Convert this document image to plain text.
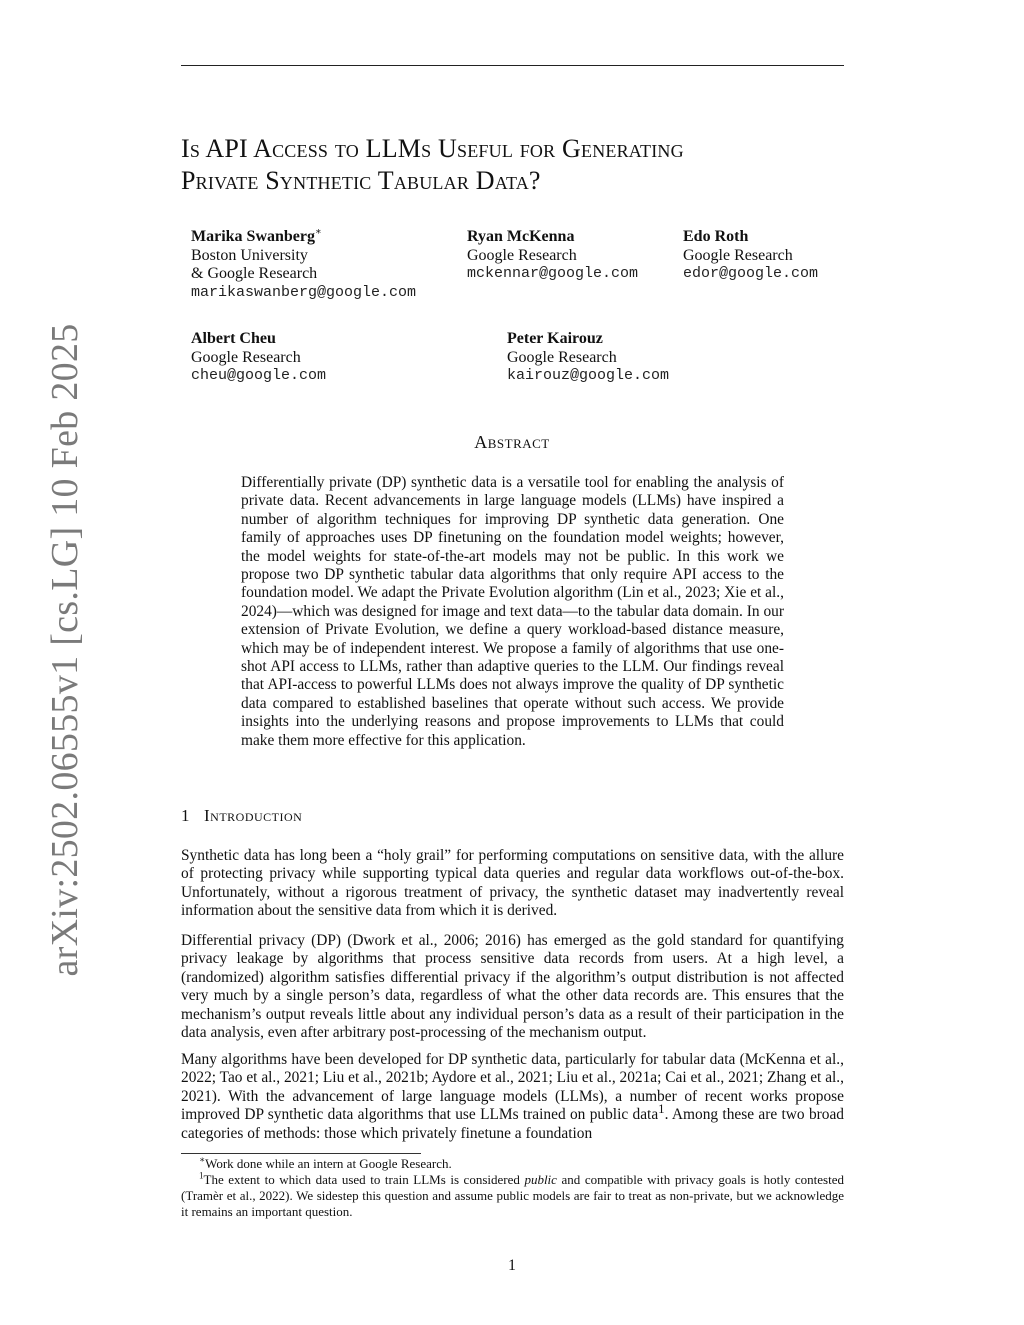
arXiv:2502.06555v1 [cs.LG] 10 Feb 2025
Is API Access to LLMs Useful for Generating
Private Synthetic Tabular Data?
Marika Swanberg∗
Boston University
& Google Research
marikaswanberg@google.com
Ryan McKenna
Google Research
mckennar@google.com
Edo Roth
Google Research
edor@google.com
Albert Cheu
Google Research
cheu@google.com
Peter Kairouz
Google Research
kairouz@google.com
Abstract

Differentially private (DP) synthetic data is a versatile tool for enabling the analysis of private data. Recent advancements in large language models (LLMs) have inspired a number of algorithm techniques for improving DP synthetic data generation. One family of approaches uses DP finetuning on the foundation model weights; however, the model weights for state-of-the-art models may not be public. In this work we propose two DP synthetic tabular data algorithms that only require API access to the foundation model. We adapt the Private Evolution algorithm (Lin et al., 2023; Xie et al., 2024)—which was designed for image and text data—to the tabular data domain. In our extension of Private Evolution, we define a query workload-based distance measure, which may be of independent interest. We propose a family of algorithms that use one-shot API access to LLMs, rather than adaptive queries to the LLM. Our findings reveal that API-access to powerful LLMs does not always improve the quality of DP synthetic data compared to established baselines that operate without such access. We provide insights into the underlying reasons and propose improvements to LLMs that could make them more effective for this application.

1 Introduction

Synthetic data has long been a “holy grail” for performing computations on sensitive data, with the allure of protecting privacy while supporting typical data queries and regular data workflows out-of-the-box. Unfortunately, without a rigorous treatment of privacy, the synthetic dataset may inadvertently reveal information about the sensitive data from which it is derived.

Differential privacy (DP) (Dwork et al., 2006; 2016) has emerged as the gold standard for quantifying privacy leakage by algorithms that process sensitive data records from users. At a high level, a (randomized) algorithm satisfies differential privacy if the algorithm’s output distribution is not affected very much by a single person’s data, regardless of what the other data records are. This ensures that the mechanism’s output reveals little about any individual person’s data as a result of their participation in the data analysis, even after arbitrary post-processing of the mechanism output.

Many algorithms have been developed for DP synthetic data, particularly for tabular data (McKenna et al., 2022; Tao et al., 2021; Liu et al., 2021b; Aydore et al., 2021; Liu et al., 2021a; Cai et al., 2021; Zhang et al., 2021). With the advancement of large language models (LLMs), a number of recent works propose improved DP synthetic data algorithms that use LLMs trained on public data$^1$. Among these are two broad categories of methods: those which privately finetune a foundation

∗Work done while an intern at Google Research.

$^1$The extent to which data used to train LLMs is considered public and compatible with privacy goals is hotly contested (Tramèr et al., 2022). We sidestep this question and assume public models are fair to treat as non-private, but we acknowledge it remains an important question.

1
